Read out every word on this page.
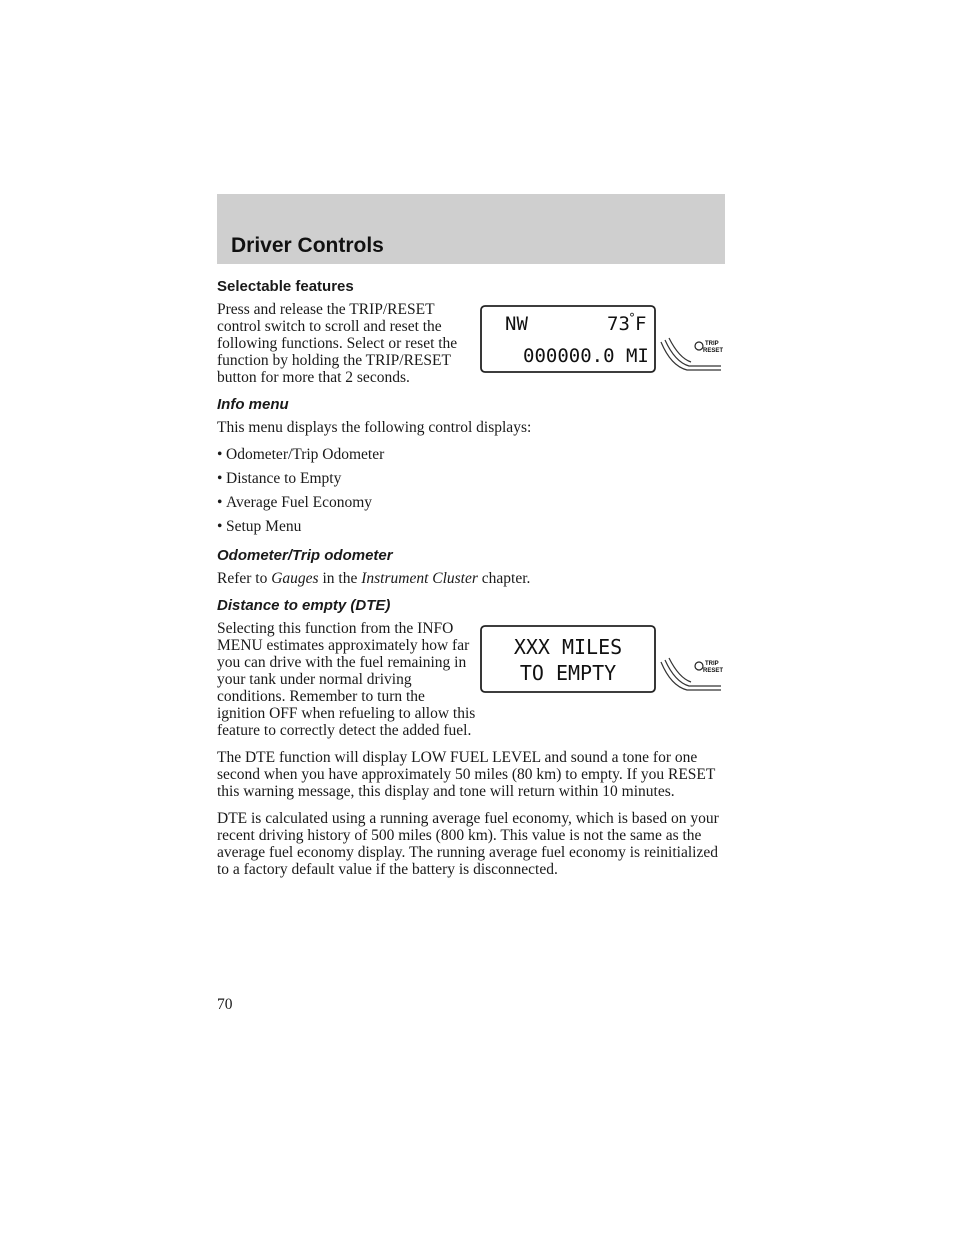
Driver Controls
Selectable features

Press and release the TRIP/RESET control switch to scroll and reset the following functions. Select or reset the function by holding the TRIP/RESET button for more that 2 seconds.

NW	73 ° F
000000.0 MI
TRIP
RESET
Info menu

This menu displays the following control displays:

• Odometer/Trip Odometer
• Distance to Empty
• Average Fuel Economy
• Setup Menu
Odometer/Trip odometer

Refer to Gauges in the Instrument Cluster chapter.

Distance to empty (DTE)

Selecting this function from the INFO MENU estimates approximately how far you can drive with the fuel remaining in your tank under normal driving conditions. Remember to turn the ignition OFF when refueling to allow this feature to correctly detect the added fuel.

XXX MILES
TO EMPTY	TRIP
RESET

The DTE function will display LOW FUEL LEVEL and sound a tone for one second when you have approximately 50 miles (80 km) to empty. If you RESET this warning message, this display and tone will return within 10 minutes.

DTE is calculated using a running average fuel economy, which is based on your recent driving history of 500 miles (800 km). This value is not the same as the average fuel economy display. The running average fuel economy is reinitialized to a factory default value if the battery is disconnected.

70
